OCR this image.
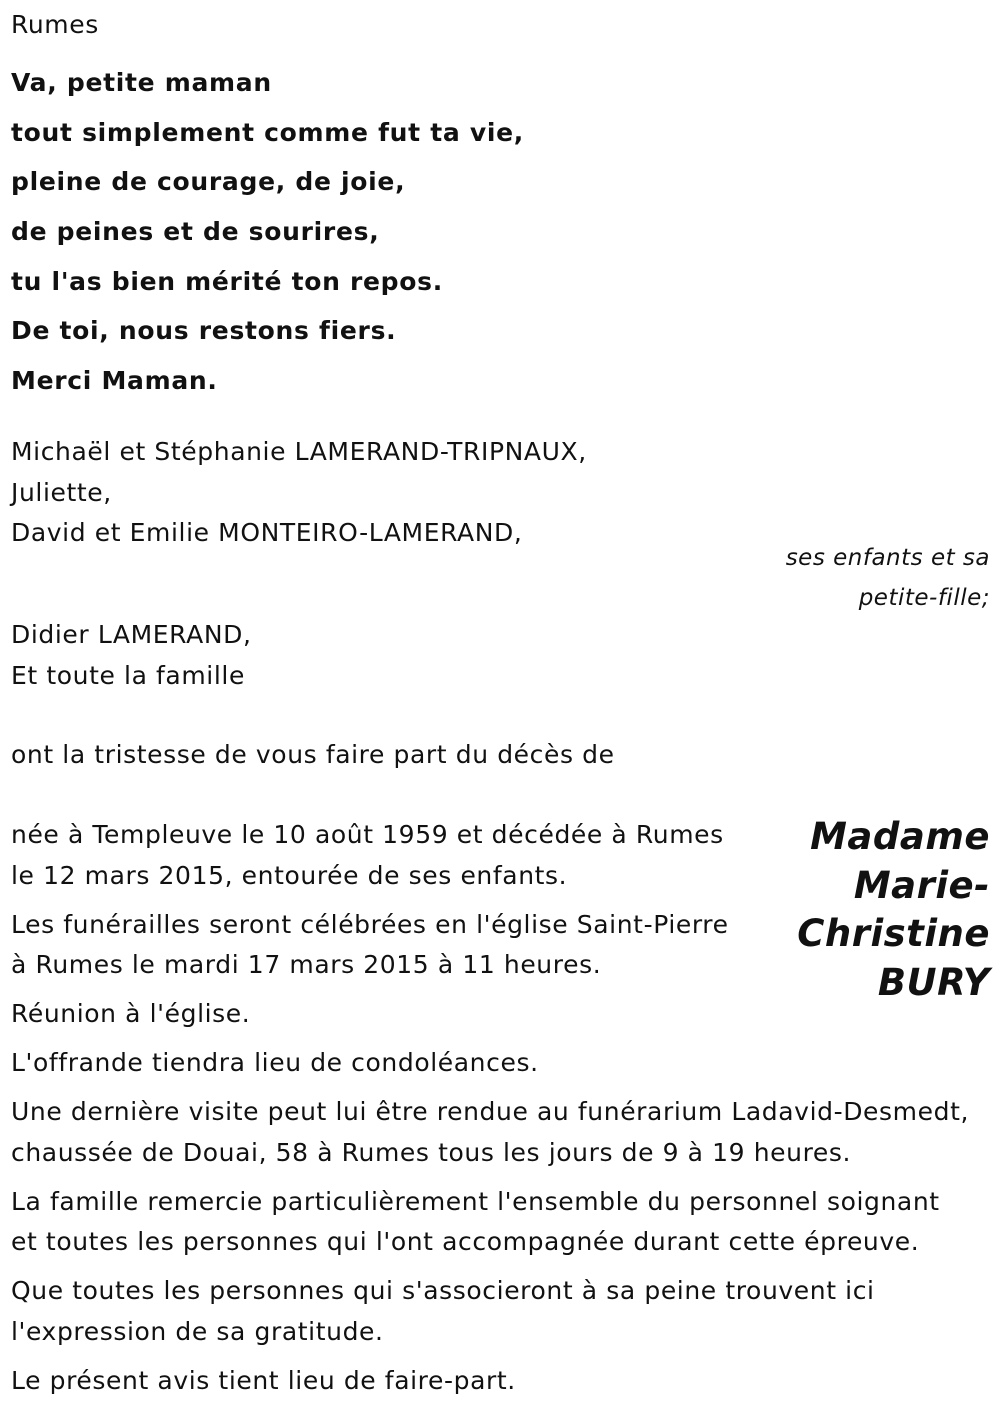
Rumes
Va, petite maman
tout simplement comme fut ta vie,
pleine de courage, de joie,
de peines et de sourires,
tu l'as bien mérité ton repos.
De toi, nous restons fiers.
Merci Maman.
Michaël et Stéphanie LAMERAND-TRIPNAUX,
Juliette,
David et Emilie MONTEIRO-LAMERAND,
ses enfants et sa
petite-fille;
Didier LAMERAND,
Et toute la famille
ont la tristesse de vous faire part du décès de
Madame
Marie-
Christine
BURY

née à Templeuve le 10 août 1959 et décédée à Rumes
le 12 mars 2015, entourée de ses enfants.

Les funérailles seront célébrées en l'église Saint-Pierre
à Rumes le mardi 17 mars 2015 à 11 heures.

Réunion à l'église.

L'offrande tiendra lieu de condoléances.

Une dernière visite peut lui être rendue au funérarium Ladavid-Desmedt,
chaussée de Douai, 58 à Rumes tous les jours de 9 à 19 heures.

La famille remercie particulièrement l'ensemble du personnel soignant
et toutes les personnes qui l'ont accompagnée durant cette épreuve.

Que toutes les personnes qui s'associeront à sa peine trouvent ici
l'expression de sa gratitude.

Le présent avis tient lieu de faire-part.
